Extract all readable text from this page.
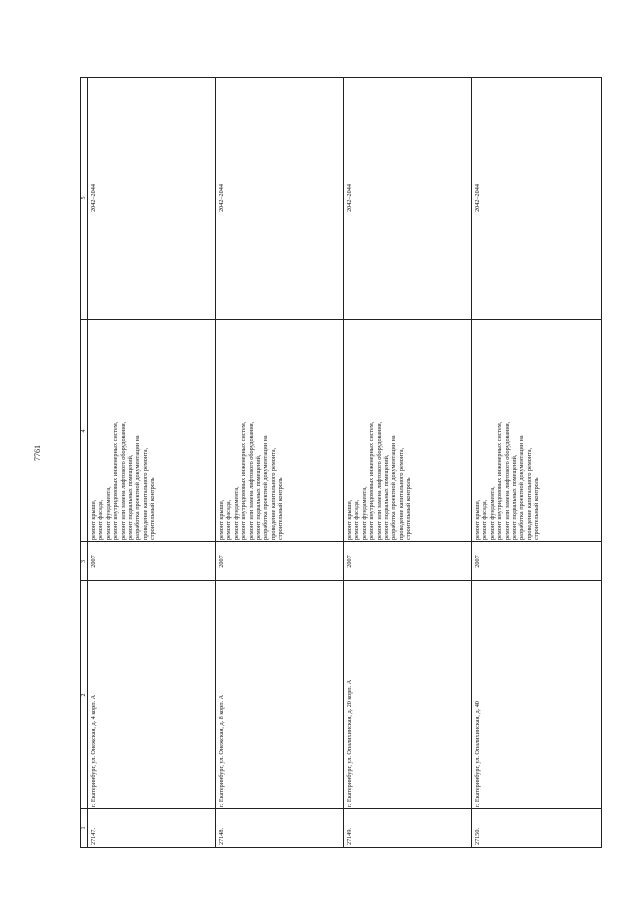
7761
1
2
3
4
5
27147.
г. Екатеринбург, ул. Онежская, д. 4 корп. А
2007
ремонт крыши, ремонт фасада, ремонт фундамента, ремонт внутридомовых инженерных систем, ремонт или замена лифтового оборудования, ремонт подвальных помещений, разработка проектной документации на проведение капитального ремонта, строительный контроль
2042–2044
27148.
г. Екатеринбург, ул. Онежская, д. 8 корп. А
2007
ремонт крыши, ремонт фасада, ремонт фундамента, ремонт внутридомовых инженерных систем, ремонт или замена лифтового оборудования, ремонт подвальных помещений, разработка проектной документации на проведение капитального ремонта, строительный контроль
2042–2044
27149.
г. Екатеринбург, ул. Опалихинская, д. 20 корп. А
2007
ремонт крыши, ремонт фасада, ремонт фундамента, ремонт внутридомовых инженерных систем, ремонт или замена лифтового оборудования, ремонт подвальных помещений, разработка проектной документации на проведение капитального ремонта, строительный контроль
2042–2044
27150.
г. Екатеринбург, ул. Опалихинская, д. 40
2007
ремонт крыши, ремонт фасада, ремонт фундамента, ремонт внутридомовых инженерных систем, ремонт или замена лифтового оборудования, ремонт подвальных помещений, разработка проектной документации на проведение капитального ремонта, строительный контроль
2042–2044
